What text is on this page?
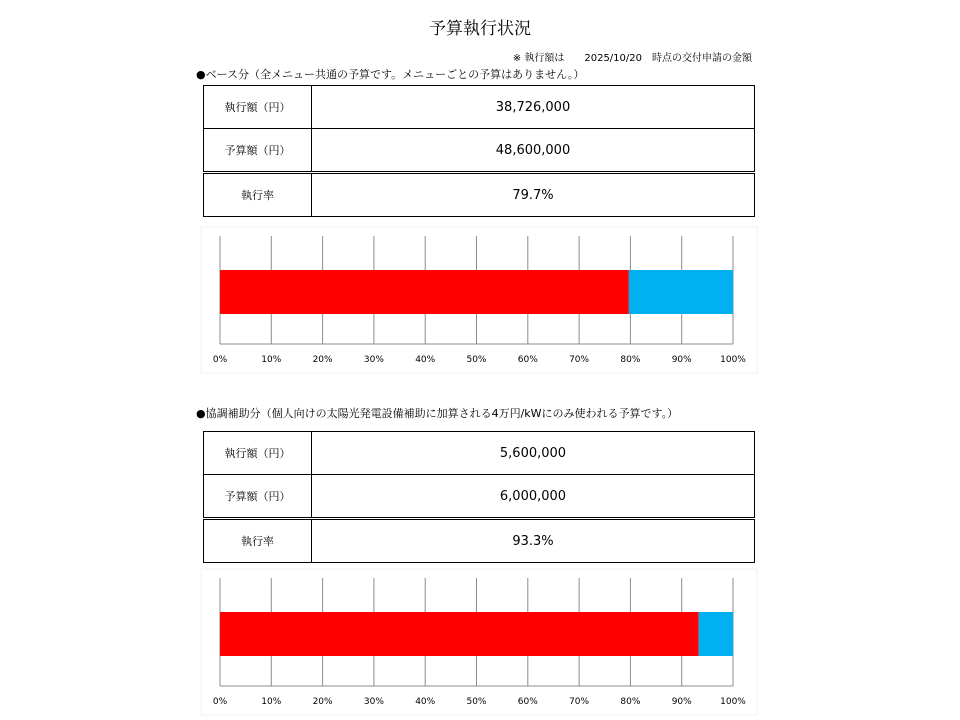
予算執行状況
※ 執行額は　　2025/10/20　時点の交付申請の金額
●ベース分（全メニュー共通の予算です。メニューごとの予算はありません。）
執行額（円）	38,726,000
予算額（円）	48,600,000
執行率	79.7%
0%	10%	20%	30%	40%	50%	60%	70%	80%	90%	100%
●協調補助分（個人向けの太陽光発電設備補助に加算される4万円/kWにのみ使われる予算です。）
執行額（円）	5,600,000
予算額（円）	6,000,000
執行率	93.3%
0%	10%	20%	30%	40%	50%	60%	70%	80%	90%	100%
